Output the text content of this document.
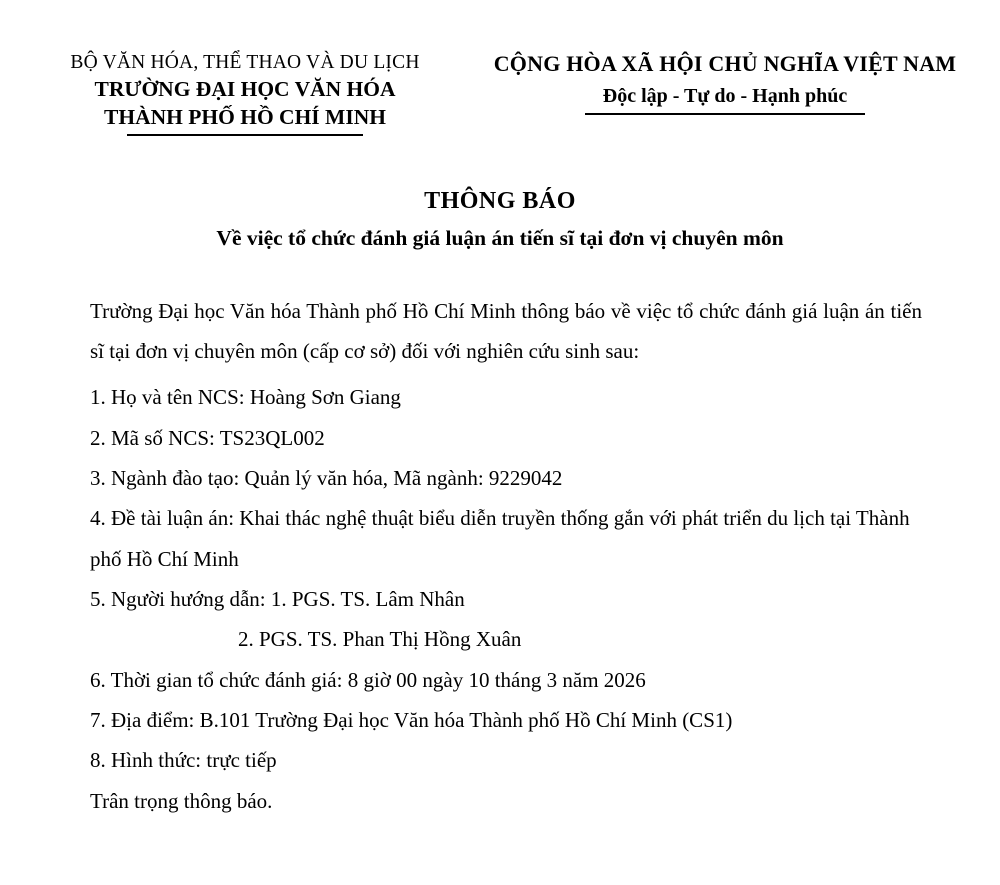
BỘ VĂN HÓA, THỂ THAO VÀ DU LỊCH
TRƯỜNG ĐẠI HỌC VĂN HÓA
THÀNH PHỐ HỒ CHÍ MINH
CỘNG HÒA XÃ HỘI CHỦ NGHĨA VIỆT NAM
Độc lập - Tự do - Hạnh phúc
THÔNG BÁO
Về việc tổ chức đánh giá luận án tiến sĩ tại đơn vị chuyên môn

Trường Đại học Văn hóa Thành phố Hồ Chí Minh thông báo về việc tổ chức đánh giá luận án tiến sĩ tại đơn vị chuyên môn (cấp cơ sở) đối với nghiên cứu sinh sau:

1. Họ và tên NCS: Hoàng Sơn Giang

2. Mã số NCS: TS23QL002

3. Ngành đào tạo: Quản lý văn hóa, Mã ngành: 9229042

4. Đề tài luận án: Khai thác nghệ thuật biểu diễn truyền thống gắn với phát triển du lịch tại Thành phố Hồ Chí Minh

5. Người hướng dẫn: 1. PGS. TS. Lâm Nhân

2. PGS. TS. Phan Thị Hồng Xuân

6. Thời gian tổ chức đánh giá: 8 giờ 00 ngày 10 tháng 3 năm 2026

7. Địa điểm: B.101 Trường Đại học Văn hóa Thành phố Hồ Chí Minh (CS1)

8. Hình thức: trực tiếp

Trân trọng thông báo.
